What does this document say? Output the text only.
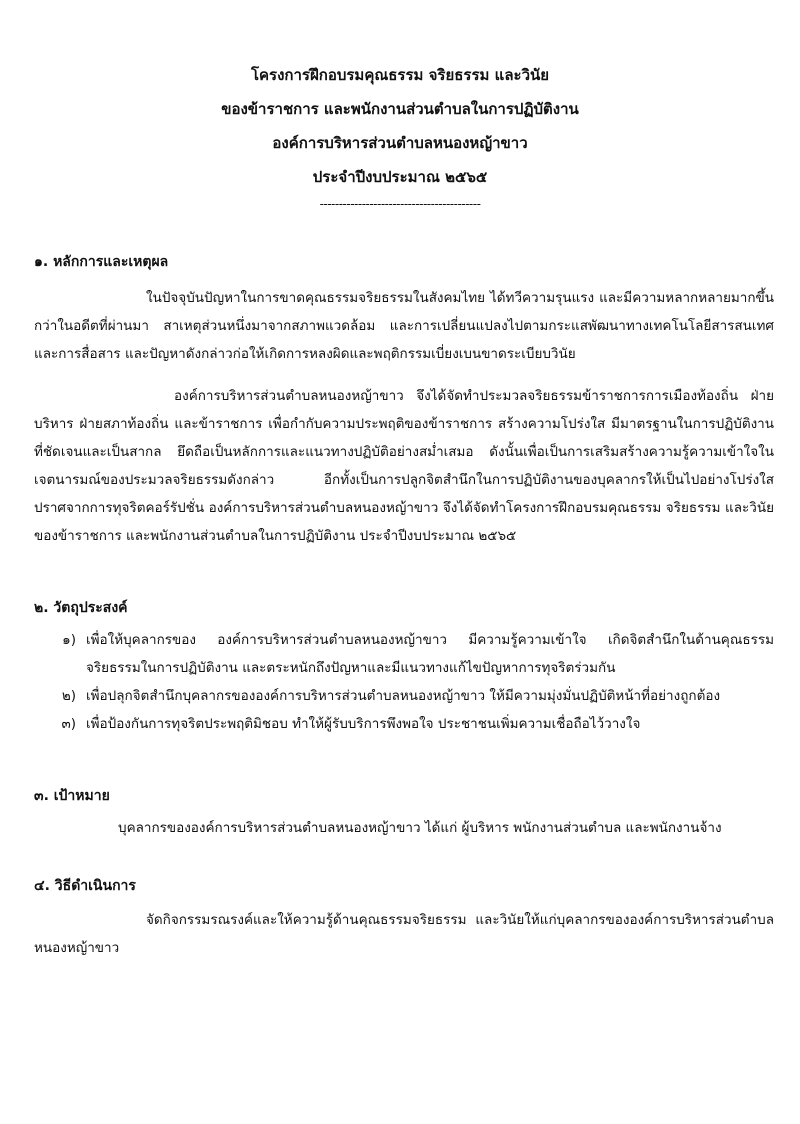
โครงการฝึกอบรมคุณธรรม จริยธรรม และวินัย
ของข้าราชการ และพนักงานส่วนตำบลในการปฏิบัติงาน
องค์การบริหารส่วนตำบลหนองหญ้าขาว
ประจำปีงบประมาณ ๒๕๖๕
------------------------------------------

๑. หลักการและเหตุผล

ในปัจจุบันปัญหาในการขาดคุณธรรมจริยธรรมในสังคมไทย ได้ทวีความรุนแรง และมีความหลากหลายมากขึ้นกว่าในอดีตที่ผ่านมา สาเหตุส่วนหนึ่งมาจากสภาพแวดล้อม และการเปลี่ยนแปลงไปตามกระแสพัฒนาทางเทคโนโลยีสารสนเทศและการสื่อสาร และปัญหาดังกล่าวก่อให้เกิดการหลงผิดและพฤติกรรมเบี่ยงเบนขาดระเบียบวินัย

องค์การบริหารส่วนตำบลหนองหญ้าขาว จึงได้จัดทำประมวลจริยธรรมข้าราชการการเมืองท้องถิ่น ฝ่ายบริหาร ฝ่ายสภาท้องถิ่น และข้าราชการ เพื่อกำกับความประพฤติของข้าราชการ สร้างความโปร่งใส มีมาตรฐานในการปฏิบัติงานที่ชัดเจนและเป็นสากล ยึดถือเป็นหลักการและแนวทางปฏิบัติอย่างสม่ำเสมอ ดังนั้นเพื่อเป็นการเสริมสร้างความรู้ความเข้าใจในเจตนารมณ์ของประมวลจริยธรรมดังกล่าว อีกทั้งเป็นการปลูกจิตสำนึกในการปฏิบัติงานของบุคลากรให้เป็นไปอย่างโปร่งใส ปราศจากการทุจริตคอร์รัปชั่น องค์การบริหารส่วนตำบลหนองหญ้าขาว จึงได้จัดทำโครงการฝึกอบรมคุณธรรม จริยธรรม และวินัย ของข้าราชการ และพนักงานส่วนตำบลในการปฏิบัติงาน ประจำปีงบประมาณ ๒๕๖๕

๒. วัตถุประสงค์

๑) เพื่อให้บุคลากรของ องค์การบริหารส่วนตำบลหนองหญ้าขาว มีความรู้ความเข้าใจ เกิดจิตสำนึกในด้านคุณธรรมจริยธรรมในการปฏิบัติงาน และตระหนักถึงปัญหาและมีแนวทางแก้ไขปัญหาการทุจริตร่วมกัน
๒) เพื่อปลุกจิตสำนึกบุคลากรขององค์การบริหารส่วนตำบลหนองหญ้าขาว ให้มีความมุ่งมั่นปฏิบัติหน้าที่อย่างถูกต้อง
๓) เพื่อป้องกันการทุจริตประพฤติมิชอบ ทำให้ผู้รับบริการพึงพอใจ ประชาชนเพิ่มความเชื่อถือไว้วางใจ

๓. เป้าหมาย

บุคลากรขององค์การบริหารส่วนตำบลหนองหญ้าขาว ได้แก่ ผู้บริหาร พนักงานส่วนตำบล และพนักงานจ้าง

๔. วิธีดำเนินการ

จัดกิจกรรมรณรงค์และให้ความรู้ด้านคุณธรรมจริยธรรม และวินัยให้แก่บุคลากรขององค์การบริหารส่วนตำบลหนองหญ้าขาว
